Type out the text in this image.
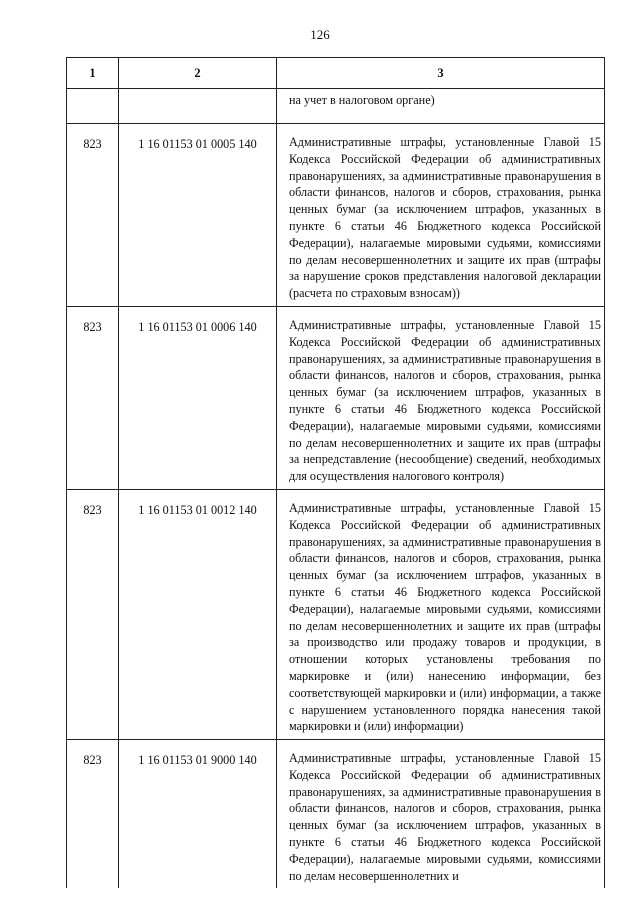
126
1	2	3
		на учет в налоговом органе)
823	1 16 01153 01 0005 140	Административные штрафы, установленные Главой 15 Кодекса Российской Федерации об административных правонарушениях, за административные правонарушения в области финансов, налогов и сборов, страхования, рынка ценных бумаг (за исключением штрафов, указанных в пункте 6 статьи 46 Бюджетного кодекса Российской Федерации), налагаемые мировыми судьями, комиссиями по делам несовершеннолетних и защите их прав (штрафы за нарушение сроков представления налоговой декларации (расчета по страховым взносам))
823	1 16 01153 01 0006 140	Административные штрафы, установленные Главой 15 Кодекса Российской Федерации об административных правонарушениях, за административные правонарушения в области финансов, налогов и сборов, страхования, рынка ценных бумаг (за исключением штрафов, указанных в пункте 6 статьи 46 Бюджетного кодекса Российской Федерации), налагаемые мировыми судьями, комиссиями по делам несовершеннолетних и защите их прав (штрафы за непредставление (несообщение) сведений, необходимых для осуществления налогового контроля)
823	1 16 01153 01 0012 140	Административные штрафы, установленные Главой 15 Кодекса Российской Федерации об административных правонарушениях, за административные правонарушения в области финансов, налогов и сборов, страхования, рынка ценных бумаг (за исключением штрафов, указанных в пункте 6 статьи 46 Бюджетного кодекса Российской Федерации), налагаемые мировыми судьями, комиссиями по делам несовершеннолетних и защите их прав (штрафы за производство или продажу товаров и продукции, в отношении которых установлены требования по маркировке и (или) нанесению информации, без соответствующей маркировки и (или) информации, а также с нарушением установленного порядка нанесения такой маркировки и (или) информации)
823	1 16 01153 01 9000 140	Административные штрафы, установленные Главой 15 Кодекса Российской Федерации об административных правонарушениях, за административные правонарушения в области финансов, налогов и сборов, страхования, рынка ценных бумаг (за исключением штрафов, указанных в пункте 6 статьи 46 Бюджетного кодекса Российской Федерации), налагаемые мировыми судьями, комиссиями по делам несовершеннолетних и
